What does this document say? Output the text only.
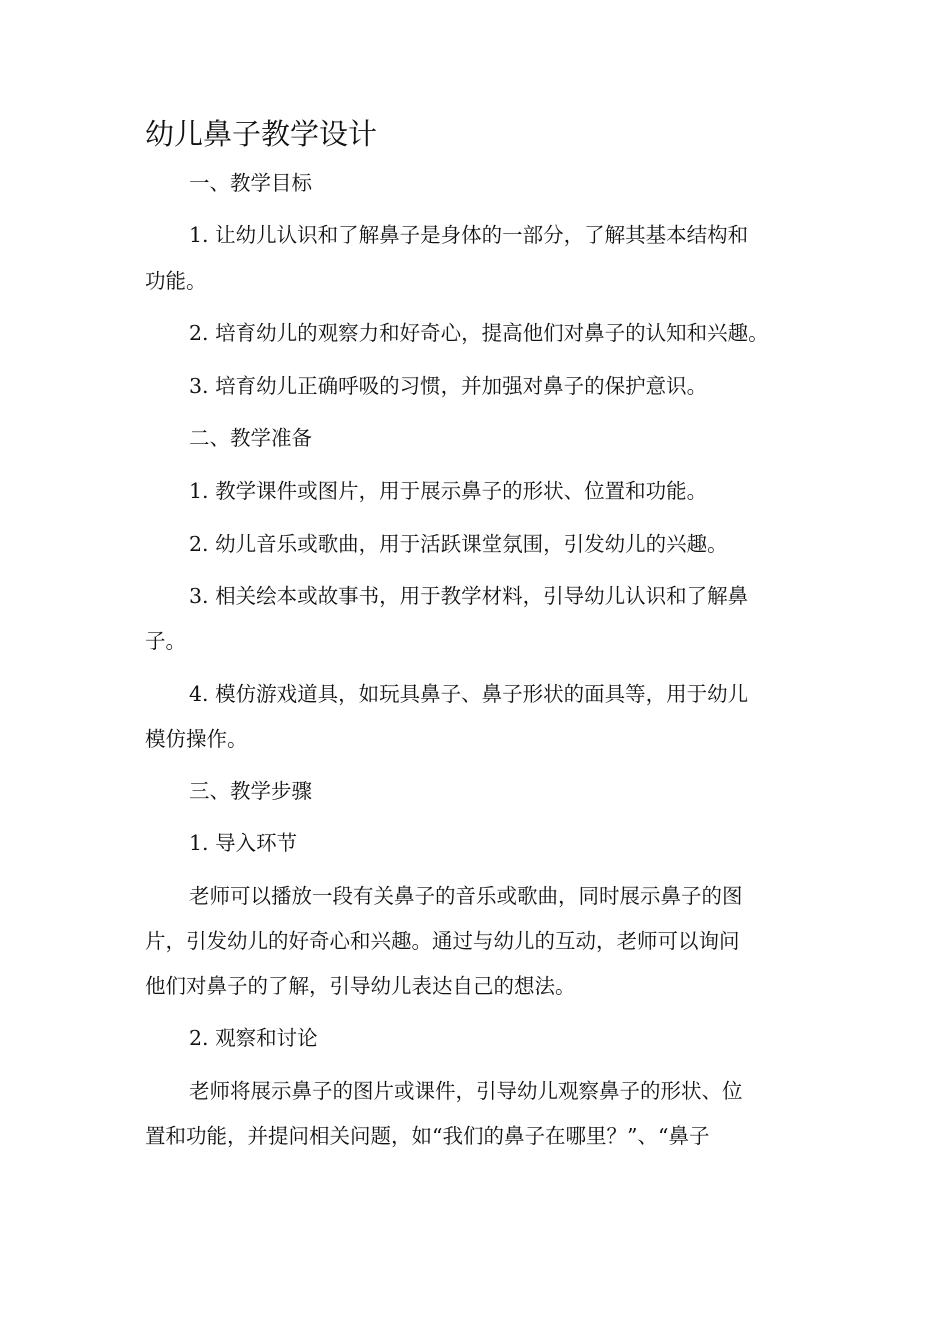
幼儿鼻子教学设计

一、教学目标

1. 让幼儿认识和了解鼻子是身体的一部分，了解其基本结构和

功能。

2. 培育幼儿的观察力和好奇心，提高他们对鼻子的认知和兴趣。

3. 培育幼儿正确呼吸的习惯，并加强对鼻子的保护意识。

二、教学准备

1. 教学课件或图片，用于展示鼻子的形状、位置和功能。

2. 幼儿音乐或歌曲，用于活跃课堂氛围，引发幼儿的兴趣。

3. 相关绘本或故事书，用于教学材料，引导幼儿认识和了解鼻

子。

4. 模仿游戏道具，如玩具鼻子、鼻子形状的面具等，用于幼儿

模仿操作。

三、教学步骤

1. 导入环节

老师可以播放一段有关鼻子的音乐或歌曲，同时展示鼻子的图

片，引发幼儿的好奇心和兴趣。通过与幼儿的互动，老师可以询问

他们对鼻子的了解，引导幼儿表达自己的想法。

2. 观察和讨论

老师将展示鼻子的图片或课件，引导幼儿观察鼻子的形状、位

置和功能，并提问相关问题，如“我们的鼻子在哪里？”、“鼻子
